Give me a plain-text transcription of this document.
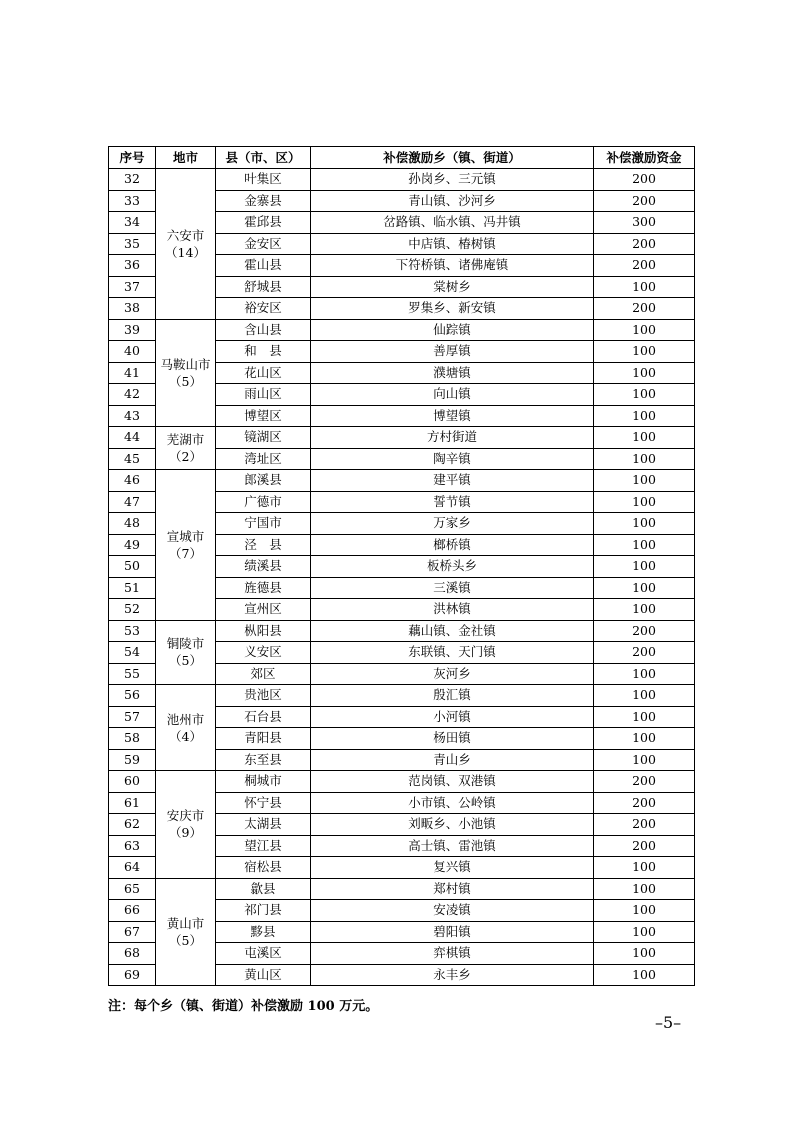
序号	地市	县（市、区）	补偿激励乡（镇、街道）	补偿激励资金
32	六安市（14）	叶集区	孙岗乡、三元镇	200
33		金寨县	青山镇、沙河乡	200
34		霍邱县	岔路镇、临水镇、冯井镇	300
35		金安区	中店镇、椿树镇	200
36		霍山县	下符桥镇、诸佛庵镇	200
37		舒城县	棠树乡	100
38		裕安区	罗集乡、新安镇	200
39	马鞍山市（5）	含山县	仙踪镇	100
40		和　县	善厚镇	100
41		花山区	濮塘镇	100
42		雨山区	向山镇	100
43		博望区	博望镇	100
44	芜湖市（2）	镜湖区	方村街道	100
45		湾址区	陶辛镇	100
46	宣城市（7）	郎溪县	建平镇	100
47		广德市	誓节镇	100
48		宁国市	万家乡	100
49		泾　县	榔桥镇	100
50		绩溪县	板桥头乡	100
51		旌德县	三溪镇	100
52		宣州区	洪林镇	100
53	铜陵市（5）	枞阳县	藕山镇、金社镇	200
54		义安区	东联镇、天门镇	200
55		郊区	灰河乡	100
56	池州市（4）	贵池区	殷汇镇	100
57		石台县	小河镇	100
58		青阳县	杨田镇	100
59		东至县	青山乡	100
60	安庆市（9）	桐城市	范岗镇、双港镇	200
61		怀宁县	小市镇、公岭镇	200
62		太湖县	刘畈乡、小池镇	200
63		望江县	高士镇、雷池镇	200
64		宿松县	复兴镇	100
65	黄山市（5）	歙县	郑村镇	100
66		祁门县	安凌镇	100
67		黟县	碧阳镇	100
68		屯溪区	弈棋镇	100
69		黄山区	永丰乡	100
注：每个乡（镇、街道）补偿激励 100 万元。
–5–
